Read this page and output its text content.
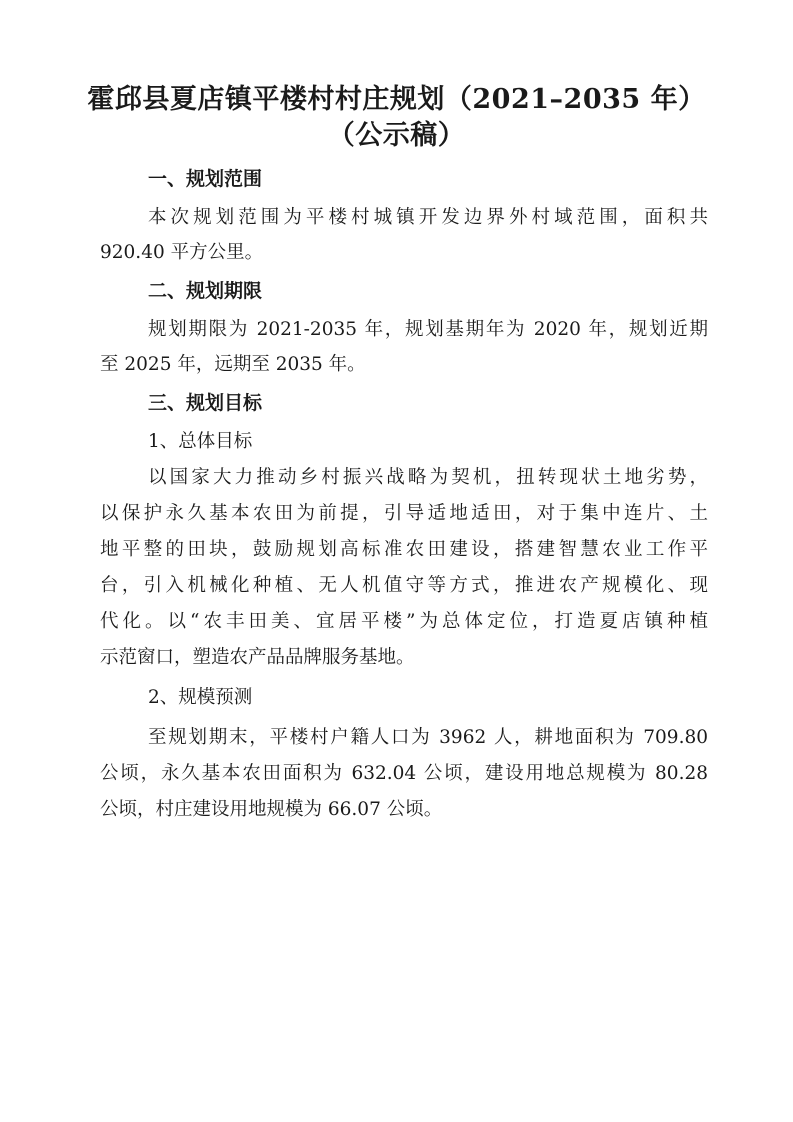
霍邱县夏店镇平楼村村庄规划（2021–2035 年）
（公示稿）
一、规划范围
本次规划范围为平楼村城镇开发边界外村域范围，面积共
920.40 平方公里。
二、规划期限
规划期限为 2021-2035 年，规划基期年为 2020 年，规划近期
至 2025 年，远期至 2035 年。
三、规划目标
1、总体目标
以国家大力推动乡村振兴战略为契机，扭转现状土地劣势，
以保护永久基本农田为前提，引导适地适田，对于集中连片、土
地平整的田块，鼓励规划高标准农田建设，搭建智慧农业工作平
台，引入机械化种植、无人机值守等方式，推进农产规模化、现
代化。以“农丰田美、宜居平楼”为总体定位，打造夏店镇种植
示范窗口，塑造农产品品牌服务基地。
2、规模预测
至规划期末，平楼村户籍人口为 3962 人，耕地面积为 709.80
公顷，永久基本农田面积为 632.04 公顷，建设用地总规模为 80.28
公顷，村庄建设用地规模为 66.07 公顷。
